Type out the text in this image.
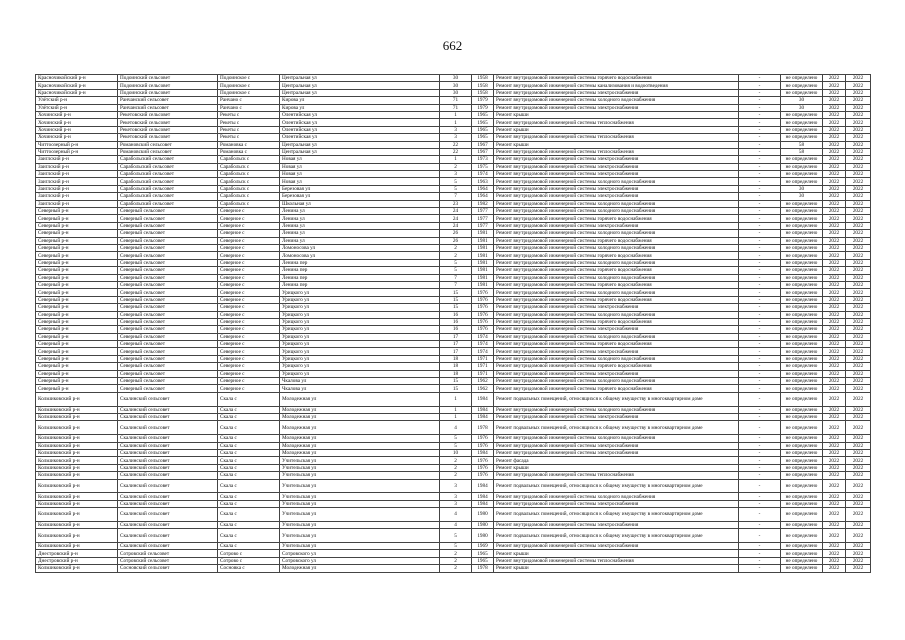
662
Красночикойский р-н	Подоинский сельсовет	Подоинское с	Центральная ул	30	1958	Ремонт внутридомовой инженерной системы горячего водоснабжения	-	не определено	2022	2022
Красночикойский р-н	Подоинский сельсовет	Подоинское с	Центральная ул	30	1958	Ремонт внутридомовой инженерной системы канализования и водоотведения	-	не определено	2022	2022
Красночикойский р-н	Подоинский сельсовет	Подоинское с	Центральная ул	30	1958	Ремонт внутридомовой инженерной системы электроснабжения	-	не определено	2022	2022
Улётский р-н	Ранчанский сельсовет	Ранчано с	Кирова ул	71	1979	Ремонт внутридомовой инженерной системы холодного водоснабжения	-	30	2022	2022
Улётский р-н	Ранчанский сельсовет	Ранчано с	Кирова ул	71	1979	Ремонт внутридомовой инженерной системы электроснабжения	-	30	2022	2022
Хочинский р-н	Рекетовский сельсовет	Рекеты с	Олентийская ул	1	1965	Ремонт крыши	-	не определено	2022	2022
Хочинский р-н	Рекетовский сельсовет	Рекеты с	Олентийская ул	1	1965	Ремонт внутридомовой инженерной системы теплоснабжения	-	не определено	2022	2022
Хочинский р-н	Рекетовский сельсовет	Рекеты с	Олентийская ул	3	1965	Ремонт крыши	-	не определено	2022	2022
Хочинский р-н	Рекетовский сельсовет	Рекеты с	Олентийская ул	3	1965	Ремонт внутридомовой инженерной системы теплоснабжения	-	не определено	2022	2022
Читтоозерный р-н	Романовский сельсовет	Романовка с	Центральная ул	22	1967	Ремонт крыши	-	58	2022	2022
Читтоозерный р-н	Романовский сельсовет	Романовка с	Центральная ул	22	1967	Ремонт внутридомовой инженерной системы теплоснабжения	-	58	2022	2022
Заиглский р-н	Сарабольский сельсовет	Сарабольск с	Новая ул	1	1973	Ремонт внутридомовой инженерной системы электроснабжения	-	не определено	2022	2022
Заиглский р-н	Сарабольский сельсовет	Сарабольск с	Новая ул	2	1975	Ремонт внутридомовой инженерной системы электроснабжения	-	не определено	2022	2022
Заиглский р-н	Сарабольский сельсовет	Сарабольск с	Новая ул	3	1974	Ремонт внутридомовой инженерной системы электроснабжения	-	не определено	2022	2022
Заиглский р-н	Сарабольский сельсовет	Сарабольск с	Новая ул	5	1963	Ремонт внутридомовой инженерной системы холодного водоснабжения	-	не определено	2022	2022
Заиглский р-н	Сарабольский сельсовет	Сарабольск с	Березовая ул	5	1964	Ремонт внутридомовой инженерной системы электроснабжения	-	30	2022	2022
Заиглский р-н	Сарабольский сельсовет	Сарабольск с	Березовая ул	7	1964	Ремонт внутридомовой инженерной системы электроснабжения	-	30	2022	2022
Заиглский р-н	Сарабольский сельсовет	Сарабольск с	Школьная ул	23	1982	Ремонт внутридомовой инженерной системы холодного водоснабжения	-	не определено	2022	2022
Северный р-н	Северный сельсовет	Северное с	Ленина ул	24	1977	Ремонт внутридомовой инженерной системы холодного водоснабжения	-	не определено	2022	2022
Северный р-н	Северный сельсовет	Северное с	Ленина ул	24	1977	Ремонт внутридомовой инженерной системы горячего водоснабжения	-	не определено	2022	2022
Северный р-н	Северный сельсовет	Северное с	Ленина ул	24	1977	Ремонт внутридомовой инженерной системы электроснабжения	-	не определено	2022	2022
Северный р-н	Северный сельсовет	Северное с	Ленина ул	26	1981	Ремонт внутридомовой инженерной системы холодного водоснабжения	-	не определено	2022	2022
Северный р-н	Северный сельсовет	Северное с	Ленина ул	26	1981	Ремонт внутридомовой инженерной системы горячего водоснабжения	-	не определено	2022	2022
Северный р-н	Северный сельсовет	Северное с	Ломоносова ул	2	1981	Ремонт внутридомовой инженерной системы холодного водоснабжения	-	не определено	2022	2022
Северный р-н	Северный сельсовет	Северное с	Ломоносова ул	2	1981	Ремонт внутридомовой инженерной системы горячего водоснабжения	-	не определено	2022	2022
Северный р-н	Северный сельсовет	Северное с	Ленина пер	5	1981	Ремонт внутридомовой инженерной системы холодного водоснабжения	-	не определено	2022	2022
Северный р-н	Северный сельсовет	Северное с	Ленина пер	5	1981	Ремонт внутридомовой инженерной системы горячего водоснабжения	-	не определено	2022	2022
Северный р-н	Северный сельсовет	Северное с	Ленина пер	7	1981	Ремонт внутридомовой инженерной системы холодного водоснабжения	-	не определено	2022	2022
Северный р-н	Северный сельсовет	Северное с	Ленина пер	7	1981	Ремонт внутридомовой инженерной системы горячего водоснабжения	-	не определено	2022	2022
Северный р-н	Северный сельсовет	Северное с	Урицкого ул	15	1976	Ремонт внутридомовой инженерной системы холодного водоснабжения	-	не определено	2022	2022
Северный р-н	Северный сельсовет	Северное с	Урицкого ул	15	1976	Ремонт внутридомовой инженерной системы горячего водоснабжения	-	не определено	2022	2022
Северный р-н	Северный сельсовет	Северное с	Урицкого ул	15	1976	Ремонт внутридомовой инженерной системы электроснабжения	-	не определено	2022	2022
Северный р-н	Северный сельсовет	Северное с	Урицкого ул	16	1976	Ремонт внутридомовой инженерной системы холодного водоснабжения	-	не определено	2022	2022
Северный р-н	Северный сельсовет	Северное с	Урицкого ул	16	1976	Ремонт внутридомовой инженерной системы горячего водоснабжения	-	не определено	2022	2022
Северный р-н	Северный сельсовет	Северное с	Урицкого ул	16	1976	Ремонт внутридомовой инженерной системы электроснабжения	-	не определено	2022	2022
Северный р-н	Северный сельсовет	Северное с	Урицкого ул	17	1974	Ремонт внутридомовой инженерной системы холодного водоснабжения	-	не определено	2022	2022
Северный р-н	Северный сельсовет	Северное с	Урицкого ул	17	1974	Ремонт внутридомовой инженерной системы горячего водоснабжения	-	не определено	2022	2022
Северный р-н	Северный сельсовет	Северное с	Урицкого ул	17	1974	Ремонт внутридомовой инженерной системы электроснабжения	-	не определено	2022	2022
Северный р-н	Северный сельсовет	Северное с	Урицкого ул	18	1971	Ремонт внутридомовой инженерной системы холодного водоснабжения	-	не определено	2022	2022
Северный р-н	Северный сельсовет	Северное с	Урицкого ул	18	1971	Ремонт внутридомовой инженерной системы горячего водоснабжения	-	не определено	2022	2022
Северный р-н	Северный сельсовет	Северное с	Урицкого ул	18	1971	Ремонт внутридомовой инженерной системы электроснабжения	-	не определено	2022	2022
Северный р-н	Северный сельсовет	Северное с	Чкалова ул	15	1962	Ремонт внутридомовой инженерной системы холодного водоснабжения	-	не определено	2022	2022
Северный р-н	Северный сельсовет	Северное с	Чкалова ул	15	1962	Ремонт внутридомовой инженерной системы горячего водоснабжения	-	не определено	2022	2022
Кольчиковский р-н	Скалинский сельсовет	Скала с	Молодежная ул	1	1984	Ремонт подвальных помещений, относящихся к общему имуществу в многоквартирном доме	-	не определено	2022	2022
Кольчиковский р-н	Скалинский сельсовет	Скала с	Молодежная ул	1	1984	Ремонт внутридомовой инженерной системы холодного водоснабжения	-	не определено	2022	2022
Кольчиковский р-н	Скалинский сельсовет	Скала с	Молодежная ул	1	1984	Ремонт внутридомовой инженерной системы электроснабжения	-	не определено	2022	2022
Кольчиковский р-н	Скалинский сельсовет	Скала с	Молодежная ул	4	1978	Ремонт подвальных помещений, относящихся к общему имуществу в многоквартирном доме	-	не определено	2022	2022
Кольчиковский р-н	Скалинский сельсовет	Скала с	Молодежная ул	5	1976	Ремонт внутридомовой инженерной системы холодного водоснабжения	-	не определено	2022	2022
Кольчиковский р-н	Скалинский сельсовет	Скала с	Молодежная ул	5	1976	Ремонт внутридомовой инженерной системы электроснабжения	-	не определено	2022	2022
Кольчиковский р-н	Скалинский сельсовет	Скала с	Молодежная ул	10	1984	Ремонт внутридомовой инженерной системы электроснабжения	-	не определено	2022	2022
Кольчиковский р-н	Скалинский сельсовет	Скала с	Учительская ул	2	1976	Ремонт фасада	-	не определено	2022	2022
Кольчиковский р-н	Скалинский сельсовет	Скала с	Учительская ул	2	1976	Ремонт крыши	-	не определено	2022	2022
Кольчиковский р-н	Скалинский сельсовет	Скала с	Учительская ул	2	1976	Ремонт внутридомовой инженерной системы теплоснабжения	-	не определено	2022	2022
Кольчиковский р-н	Скалинский сельсовет	Скала с	Учительская ул	3	1984	Ремонт подвальных помещений, относящихся к общему имуществу в многоквартирном доме	-	не определено	2022	2022
Кольчиковский р-н	Скалинский сельсовет	Скала с	Учительская ул	3	1984	Ремонт внутридомовой инженерной системы холодного водоснабжения	-	не определено	2022	2022
Кольчиковский р-н	Скалинский сельсовет	Скала с	Учительская ул	3	1984	Ремонт внутридомовой инженерной системы электроснабжения	-	не определено	2022	2022
Кольчиковский р-н	Скалинский сельсовет	Скала с	Учительская ул	4	1980	Ремонт подвальных помещений, относящихся к общему имуществу в многоквартирном доме	-	не определено	2022	2022
Кольчиковский р-н	Скалинский сельсовет	Скала с	Учительская ул	4	1980	Ремонт внутридомовой инженерной системы электроснабжения	-	не определено	2022	2022
Кольчиковский р-н	Скалинский сельсовет	Скала с	Учительская ул	5	1980	Ремонт подвальных помещений, относящихся к общему имуществу в многоквартирном доме	-	не определено	2022	2022
Кольчиковский р-н	Скалинский сельсовет	Скала с	Учительская ул	5	1969	Ремонт внутридомовой инженерной системы электроснабжения	-	не определено	2022	2022
Днестровский р-н	Сотровский сельсовет	Сотрово с	Сотровского ул	2	1965	Ремонт крыши	-	не определено	2022	2022
Днестровский р-н	Сотровский сельсовет	Сотрово с	Сотровского ул	2	1965	Ремонт внутридомовой инженерной системы теплоснабжения	-	не определено	2022	2022
Кольчиковский р-н	Сосновский сельсовет	Сосновка с	Молодежная ул	2	1978	Ремонт крыши	-	не определено	2022	2022
